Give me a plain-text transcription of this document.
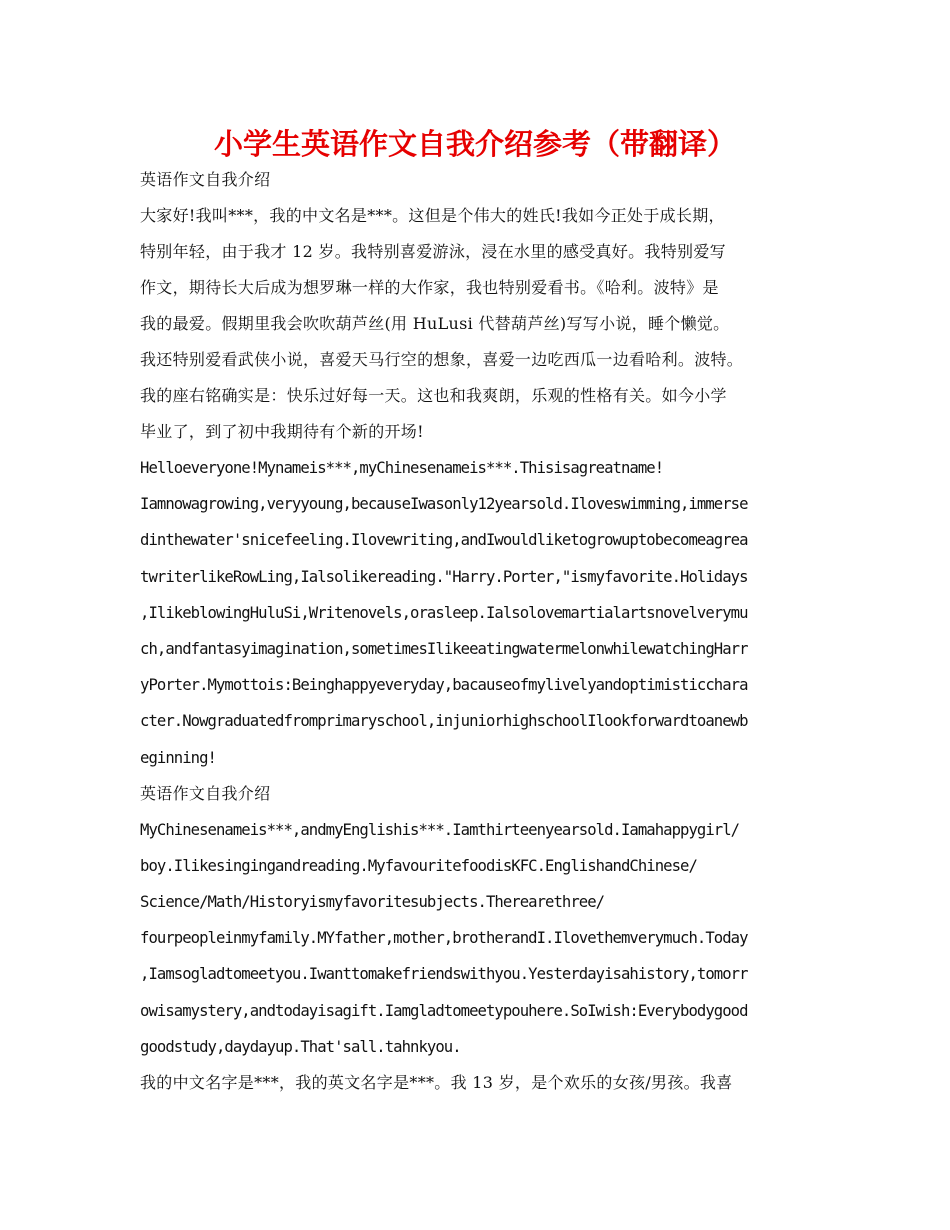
小学生英语作文自我介绍参考（带翻译）
英语作文自我介绍
大家好!我叫***，我的中文名是***。这但是个伟大的姓氏!我如今正处于成长期，
特别年轻，由于我才 12 岁。我特别喜爱游泳，浸在水里的感受真好。我特别爱写
作文，期待长大后成为想罗琳一样的大作家，我也特别爱看书。《哈利。波特》是
我的最爱。假期里我会吹吹葫芦丝(用 HuLusi 代替葫芦丝)写写小说，睡个懒觉。
我还特别爱看武侠小说，喜爱天马行空的想象，喜爱一边吃西瓜一边看哈利。波特。
我的座右铭确实是：快乐过好每一天。这也和我爽朗，乐观的性格有关。如今小学
毕业了，到了初中我期待有个新的开场!
Helloeveryone!Mynameis***,myChinesenameis***.Thisisagreatname!
Iamnowagrowing,veryyoung,becauseIwasonly12yearsold.Iloveswimming,immerse
dinthewater'snicefeeling.Ilovewriting,andIwouldliketogrowuptobecomeagrea
twriterlikeRowLing,Ialsolikereading."Harry.Porter,"ismyfavorite.Holidays
,IlikeblowingHuluSi,Writenovels,orasleep.Ialsolovemartialartsnovelverymu
ch,andfantasyimagination,sometimesIlikeeatingwatermelonwhilewatchingHarr
yPorter.Mymottois:Beinghappyeveryday,bacauseofmylivelyandoptimisticchara
cter.Nowgraduatedfromprimaryschool,injuniorhighschoolIlookforwardtoanewb
eginning!
英语作文自我介绍
MyChinesenameis***,andmyEnglishis***.Iamthirteenyearsold.Iamahappygirl/
boy.Ilikesingingandreading.MyfavouritefoodisKFC.EnglishandChinese/
Science/Math/Historyismyfavoritesubjects.Therearethree/
fourpeopleinmyfamily.MYfather,mother,brotherandI.Ilovethemverymuch.Today
,Iamsogladtomeetyou.Iwanttomakefriendswithyou.Yesterdayisahistory,tomorr
owisamystery,andtodayisagift.Iamgladtomeetypouhere.SoIwish:Everybodygood
goodstudy,daydayup.That'sall.tahnkyou.
我的中文名字是***，我的英文名字是***。我 13 岁，是个欢乐的女孩/男孩。我喜
